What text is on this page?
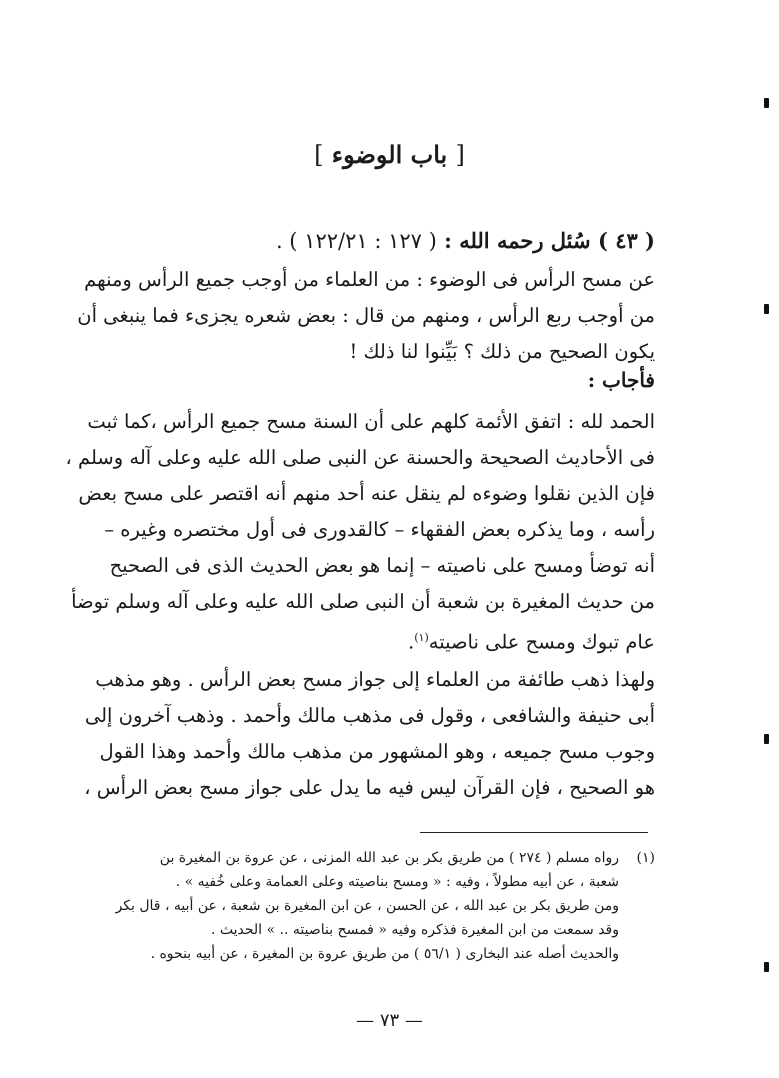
[ باب الوضوء ]
( ٤٣ ) سُئل رحمه الله : ( ١٢٧ : ١٢٢/٢١ ) .
عن مسح الرأس فى الوضوء : من العلماء من أوجب جميع الرأس ومنهم
من أوجب ربع الرأس ، ومنهم من قال : بعض شعره يجزىء فما ينبغى أن
يكون الصحيح من ذلك ؟ بَيِّنوا لنا ذلك !
فأجاب :
الحمد لله : اتفق الأئمة كلهم على أن السنة مسح جميع الرأس ،كما ثبت
فى الأحاديث الصحيحة والحسنة عن النبى صلى الله عليه وعلى آله وسلم ،
فإن الذين نقلوا وضوءه لم ينقل عنه أحد منهم أنه اقتصر على مسح بعض
رأسه ، وما يذكره بعض الفقهاء – كالقدورى فى أول مختصره وغيره –
أنه توضأ ومسح على ناصيته – إنما هو بعض الحديث الذى فى الصحيح
من حديث المغيرة بن شعبة أن النبى صلى الله عليه وعلى آله وسلم توضأ
عام تبوك ومسح على ناصيته$^{(١)}$.
ولهذا ذهب طائفة من العلماء إلى جواز مسح بعض الرأس . وهو مذهب
أبى حنيفة والشافعى ، وقول فى مذهب مالك وأحمد . وذهب آخرون إلى
وجوب مسح جميعه ، وهو المشهور من مذهب مالك وأحمد وهذا القول
هو الصحيح ، فإن القرآن ليس فيه ما يدل على جواز مسح بعض الرأس ،
(١)رواه مسلم ( ٢٧٤ ) من طريق بكر بن عبد الله المزنى ، عن عروة بن المغيرة بن
شعبة ، عن أبيه مطولاً ، وفيه : « ومسح بناصيته وعلى العمامة وعلى خُفيه » .
ومن طريق بكر بن عبد الله ، عن الحسن ، عن ابن المغيرة بن شعبة ، عن أبيه ، قال بكر
وقد سمعت من ابن المغيرة فذكره وفيه « فمسح بناصيته .. » الحديث .
والحديث أصله عند البخارى ( ٥٦/١ ) من طريق عروة بن المغيرة ، عن أبيه بنحوه .
— ٧٣ —
